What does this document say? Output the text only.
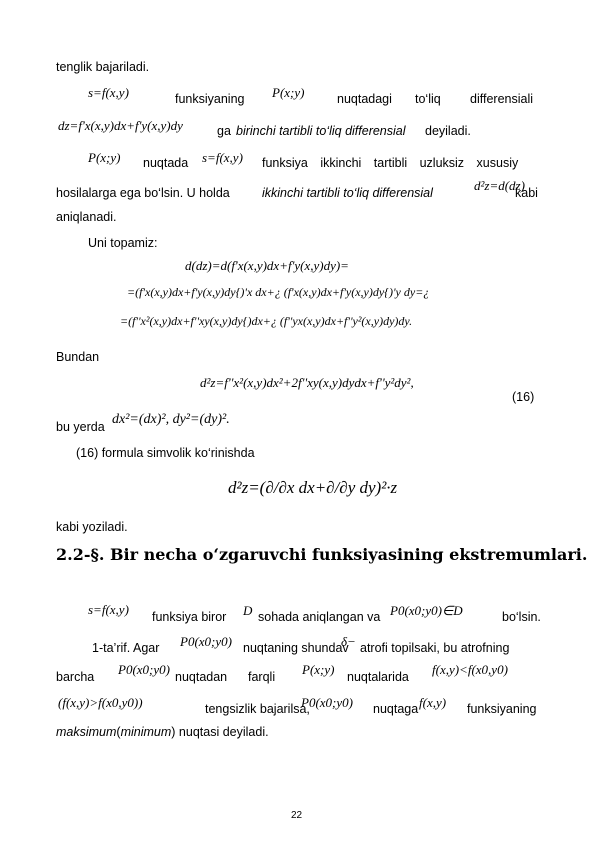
tenglik bajariladi.
s=f(x,y)	funksiyaning P(x;y)	nuqtadagi to‘liq differensiali
dz=f'x(x,y)dx+f'y(x,y)dy	ga birinchi tartibli to‘liq differensial deyiladi.
P(x;y) nuqtada s=f(x,y) funksiya ikkinchi tartibli uzluksiz xususiy
hosilalarga ega bo‘lsin. U holda	ikkinchi tartibli to‘liq differensial	d²z=d(dz)
kabi
aniqlanadi.
Uni topamiz:
d(dz)=d(f'x(x,y)dx+f'y(x,y)dy)=
=(f'x(x,y)dx+f'y(x,y)dy{)'x dx+¿ (f'x(x,y)dx+f'y(x,y)dy{)'y dy=¿
=(f''x²(x,y)dx+f''xy(x,y)dy{)dx+¿ (f''yx(x,y)dx+f''y²(x,y)dy)dy.
Bundan
d²z=f''x²(x,y)dx²+2f''xy(x,y)dydx+f''y²dy²,
(16)
bu yerda dx²=(dx)², dy²=(dy)².
(16) formula simvolik ko‘rinishda
d²z=(∂/∂x dx+∂/∂y dy)²·z
kabi yoziladi.
2.2-§. Bir necha o‘zgaruvchi funksiyasining ekstremumlari.
s=f(x,y) funksiya biror D sohada aniqlangan va P0(x0;y0)∈D	bo‘lsin.
1-ta’rif. Agar P0(x0;y0) nuqtaning shundav
δ− atrofi topilsaki, bu atrofning
barcha P0(x0;y0) nuqtadan farqli P(x;y) nuqtalarida f(x,y)<f(x0,y0)
(f(x,y)>f(x0,y0))	tengsizlik bajarilsa,
P0(x0;y0) nuqtaga f(x,y) funksiyaning
maksimum(minimum) nuqtasi deyiladi.
22
